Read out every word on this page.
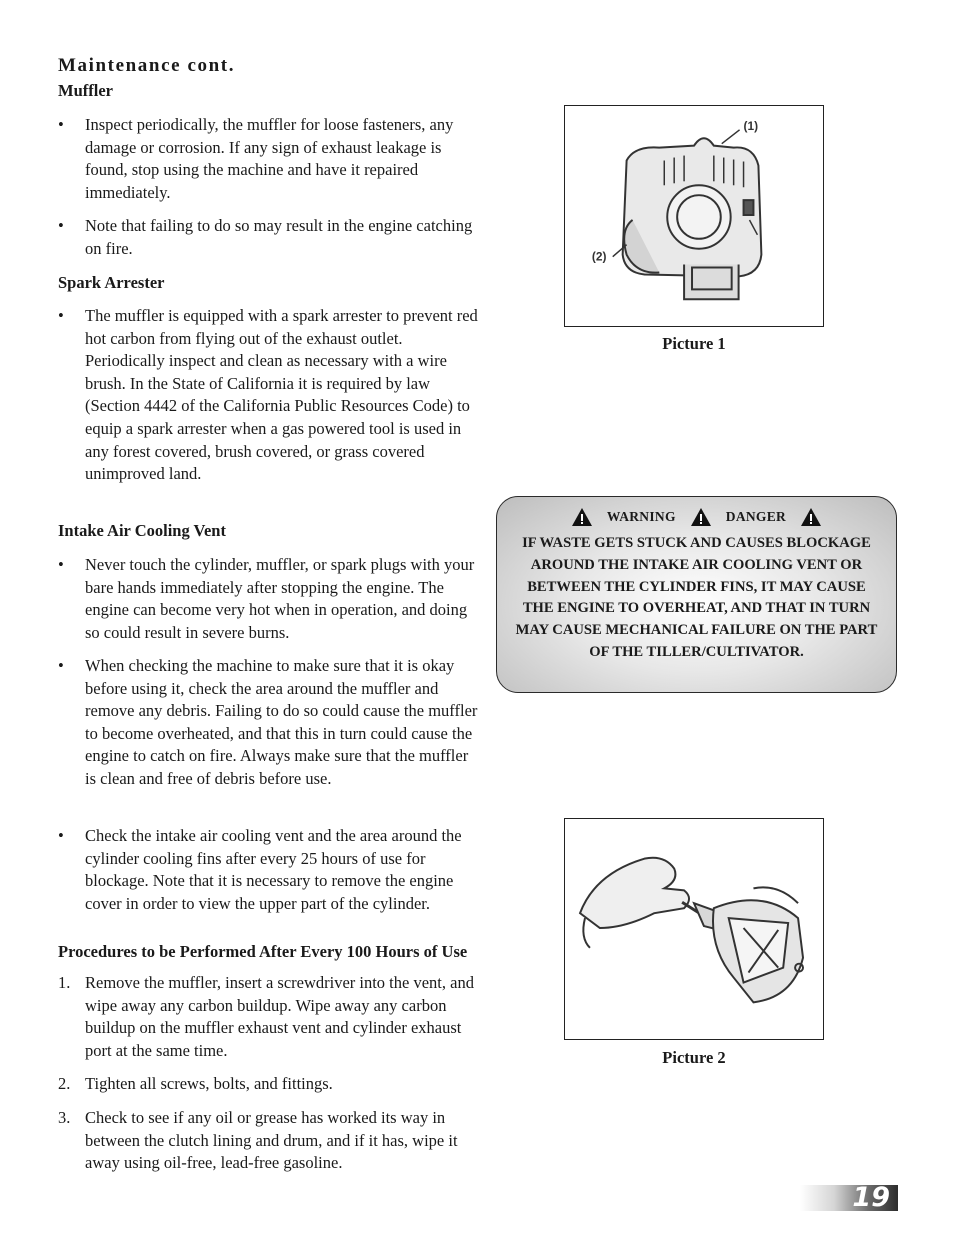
Maintenance cont.
Muffler
• Inspect periodically, the muffler for loose fasteners, any damage or corrosion. If any sign of exhaust leakage is found, stop using the machine and have it repaired immediately.
• Note that failing to do so may result in the engine catching on fire.
Spark Arrester
• The muffler is equipped with a spark arrester to prevent red hot carbon from flying out of the exhaust outlet. Periodically inspect and clean as necessary with a wire brush. In the State of California it is required by law (Section 4442 of the California Public Resources Code) to equip a spark arrester when a gas powered tool is used in any forest covered, brush covered, or grass covered unimproved land.
Intake Air Cooling Vent
• Never touch the cylinder, muffler, or spark plugs with your bare hands immediately after stopping the engine. The engine can become very hot when in operation, and doing so could result in severe burns.
• When checking the machine to make sure that it is okay before using it, check the area around the muffler and remove any debris. Failing to do so could cause the muffler to become overheated, and that this in turn could cause the engine to catch on fire. Always make sure that the muffler is clean and free of debris before use.
• Check the intake air cooling vent and the area around the cylinder cooling fins after every 25 hours of use for blockage. Note that it is necessary to remove the engine cover in order to view the upper part of the cylinder.
Procedures to be Performed After Every 100 Hours of Use
1. Remove the muffler, insert a screwdriver into the vent, and wipe away any carbon buildup. Wipe away any carbon buildup on the muffler exhaust vent and cylinder exhaust port at the same time.
2. Tighten all screws, bolts, and fittings.
3. Check to see if any oil or grease has worked its way in between the clutch lining and drum, and if it has, wipe it away using oil-free, lead-free gasoline.
(1)
(2)
Picture 1
WARNING	DANGER
IF WASTE GETS STUCK AND CAUSES BLOCKAGE AROUND THE INTAKE AIR COOLING VENT OR BETWEEN THE CYLINDER FINS, IT MAY CAUSE THE ENGINE TO OVERHEAT, AND THAT IN TURN MAY CAUSE MECHANICAL FAILURE ON THE PART OF THE TILLER/CULTIVATOR.
Picture 2
19
